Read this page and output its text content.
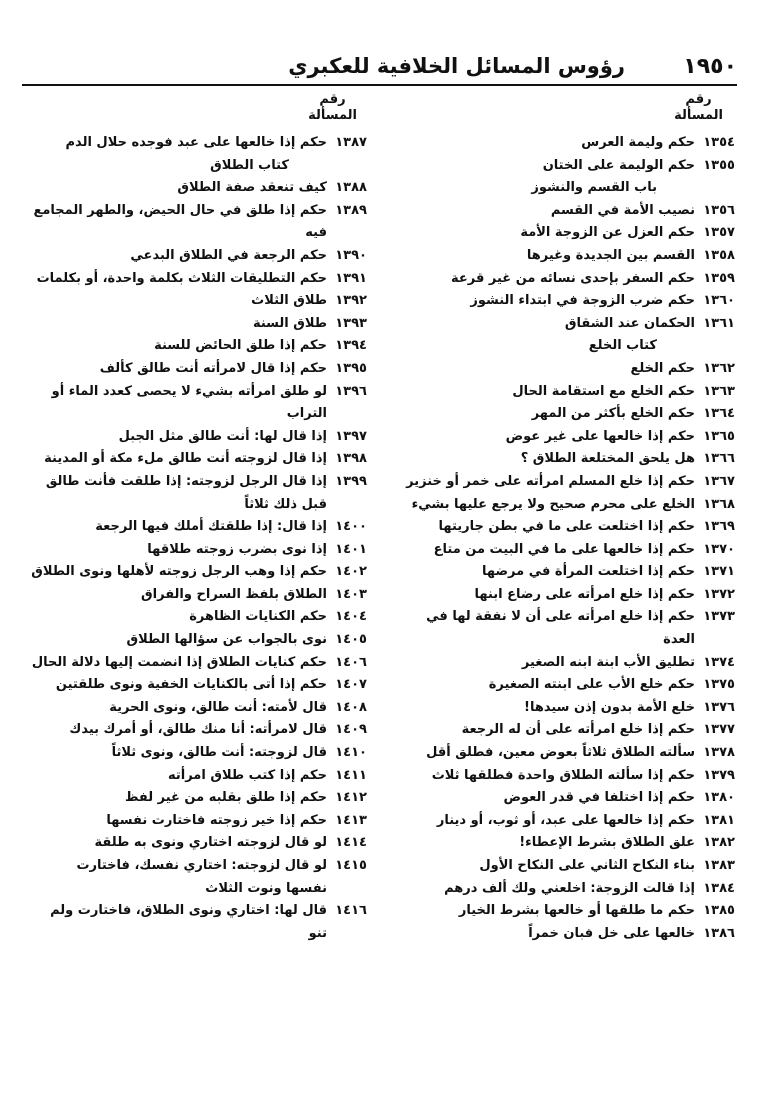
١٩٥٠
رؤوس المسائل الخلافية للعكبري
رقم
المسألة
رقم
المسألة
١٣٥٤
حكم وليمة العرس
١٣٥٥
حكم الوليمة على الختان
باب القسم والنشوز
١٣٥٦
نصيب الأمة في القسم
١٣٥٧
حكم العزل عن الزوجة الأمة
١٣٥٨
القسم بين الجديدة وغيرها
١٣٥٩
حكم السفر بإحدى نسائه من غير قرعة
١٣٦٠
حكم ضرب الزوجة في ابتداء النشوز
١٣٦١
الحكمان عند الشقاق
كتاب الخلع
١٣٦٢
حكم الخلع
١٣٦٣
حكم الخلع مع استقامة الحال
١٣٦٤
حكم الخلع بأكثر من المهر
١٣٦٥
حكم إذا خالعها على غير عوض
١٣٦٦
هل يلحق المختلعة الطلاق ؟
١٣٦٧
حكم إذا خلع المسلم امرأته على خمر أو خنزير
١٣٦٨
الخلع على محرم صحيح ولا يرجع عليها بشيء
١٣٦٩
حكم إذا اختلعت على ما في بطن جاريتها
١٣٧٠
حكم إذا خالعها على ما في البيت من متاع
١٣٧١
حكم إذا اختلعت المرأة في مرضها
١٣٧٢
حكم إذا خلع امرأته على رضاع ابنها
١٣٧٣
حكم إذا خلع امرأته على أن لا نفقة لها في العدة
١٣٧٤
تطليق الأب ابنة ابنه الصغير
١٣٧٥
حكم خلع الأب على ابنته الصغيرة
١٣٧٦
خلع الأمة بدون إذن سيدها!
١٣٧٧
حكم إذا خلع امرأته على أن له الرجعة
١٣٧٨
سألته الطلاق ثلاثاً بعوض معين، فطلق أقل
١٣٧٩
حكم إذا سألته الطلاق واحدة فطلقها ثلاث
١٣٨٠
حكم إذا اختلفا في قدر العوض
١٣٨١
حكم إذا خالعها على عبد، أو ثوب، أو دينار
١٣٨٢
علق الطلاق بشرط الإعطاء!
١٣٨٣
بناء النكاح الثاني على النكاح الأول
١٣٨٤
إذا قالت الزوجة: اخلعني ولك ألف درهم
١٣٨٥
حكم ما طلقها أو خالعها بشرط الخيار
١٣٨٦
خالعها على خل فبان خمراً
١٣٨٧
حكم إذا خالعها على عبد فوجده حلال الدم
كتاب الطلاق
١٣٨٨
كيف تنعقد صفة الطلاق
١٣٨٩
حكم إذا طلق في حال الحيض، والطهر المجامع فيه
١٣٩٠
حكم الرجعة في الطلاق البدعي
١٣٩١
حكم التطليقات الثلاث بكلمة واحدة، أو بكلمات
١٣٩٢
طلاق الثلاث
١٣٩٣
طلاق السنة
١٣٩٤
حكم إذا طلق الحائض للسنة
١٣٩٥
حكم إذا قال لامرأته أنت طالق كألف
١٣٩٦
لو طلق امرأته بشيء لا يحصى كعدد الماء أو التراب
١٣٩٧
إذا قال لها: أنت طالق مثل الجبل
١٣٩٨
إذا قال لزوجته أنت طالق ملء مكة أو المدينة
١٣٩٩
إذا قال الرجل لزوجته: إذا طلقت فأنت طالق قبل ذلك ثلاثاً
١٤٠٠
إذا قال: إذا طلقتك أملك فيها الرجعة
١٤٠١
إذا نوى بضرب زوجته طلاقها
١٤٠٢
حكم إذا وهب الرجل زوجته لأهلها ونوى الطلاق
١٤٠٣
الطلاق بلفظ السراح والفراق
١٤٠٤
حكم الكنايات الظاهرة
١٤٠٥
نوى بالجواب عن سؤالها الطلاق
١٤٠٦
حكم كنايات الطلاق إذا انضمت إليها دلالة الحال
١٤٠٧
حكم إذا أتى بالكنايات الخفية ونوى طلقتين
١٤٠٨
قال لأمته: أنت طالق، ونوى الحرية
١٤٠٩
قال لامرأته: أنا منك طالق، أو أمرك بيدك
١٤١٠
قال لزوجته: أنت طالق، ونوى ثلاثاً
١٤١١
حكم إذا كتب طلاق امرأته
١٤١٢
حكم إذا طلق بقلبه من غير لفظ
١٤١٣
حكم إذا خير زوجته فاختارت نفسها
١٤١٤
لو قال لزوجته اختاري ونوى به طلقة
١٤١٥
لو قال لزوجته: اختاري نفسك، فاختارت نفسها ونوت الثلاث
١٤١٦
قال لها: اختاري ونوى الطلاق، فاختارت ولم تنو
